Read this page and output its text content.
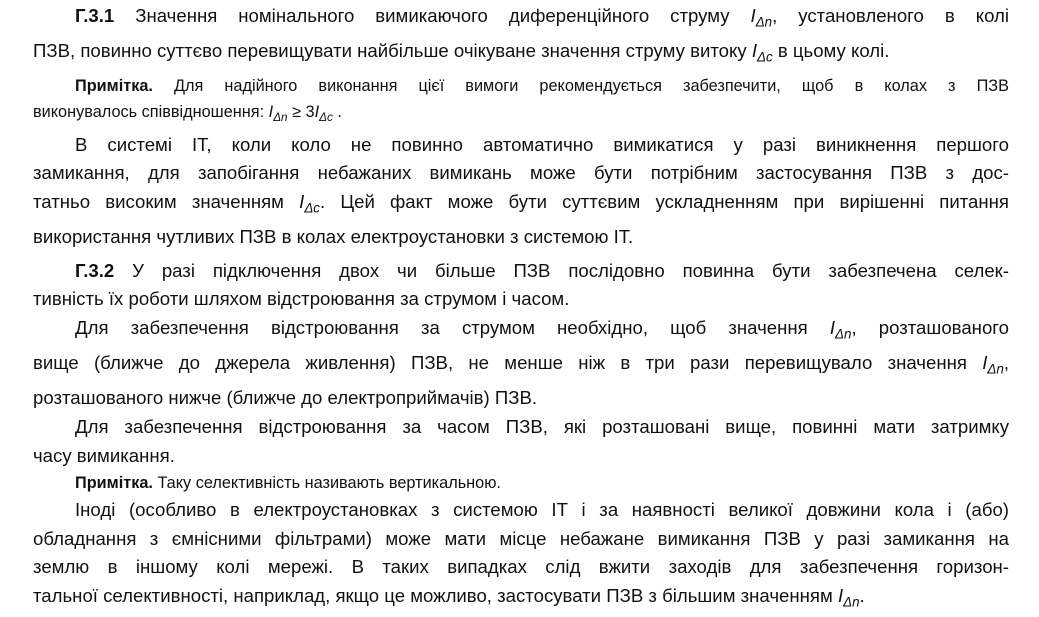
Г.3.1 Значення номінального вимикаючого диференційного струму $I_{\Delta n}$, установленого в колі
ПЗВ, повинно суттєво перевищувати найбільше очікуване значення струму витоку $I_{\Delta c}$ в цьому колі.

Примітка. Для надійного виконання цієї вимоги рекомендується забезпечити, щоб в колах з ПЗВ
виконувалось співвідношення: $I_{\Delta n} \ge 3I_{\Delta c}$ .

В системі ІТ, коли коло не повинно автоматично вимикатися у разі виникнення першого
замикання, для запобігання небажаних вимикань може бути потрібним застосування ПЗВ з дос-
татньо високим значенням $I_{\Delta c}$. Цей факт може бути суттєвим ускладненням при вирішенні питання
використання чутливих ПЗВ в колах електроустановки з системою ІТ.

Г.3.2 У разі підключення двох чи більше ПЗВ послідовно повинна бути забезпечена селек-
тивність їх роботи шляхом відстроювання за струмом і часом.

Для забезпечення відстроювання за струмом необхідно, щоб значення $I_{\Delta n}$, розташованого
вище (ближче до джерела живлення) ПЗВ, не менше ніж в три рази перевищувало значення $I_{\Delta n}$,
розташованого нижче (ближче до електроприймачів) ПЗВ.

Для забезпечення відстроювання за часом ПЗВ, які розташовані вище, повинні мати затримку
часу вимикання.

Примітка. Таку селективність називають вертикальною.

Іноді (особливо в електроустановках з системою ІТ і за наявності великої довжини кола і (або)
обладнання з ємнісними фільтрами) може мати місце небажане вимикання ПЗВ у разі замикання на
землю в іншому колі мережі. В таких випадках слід вжити заходів для забезпечення горизон-
тальної селективності, наприклад, якщо це можливо, застосувати ПЗВ з більшим значенням $I_{\Delta n}$.
